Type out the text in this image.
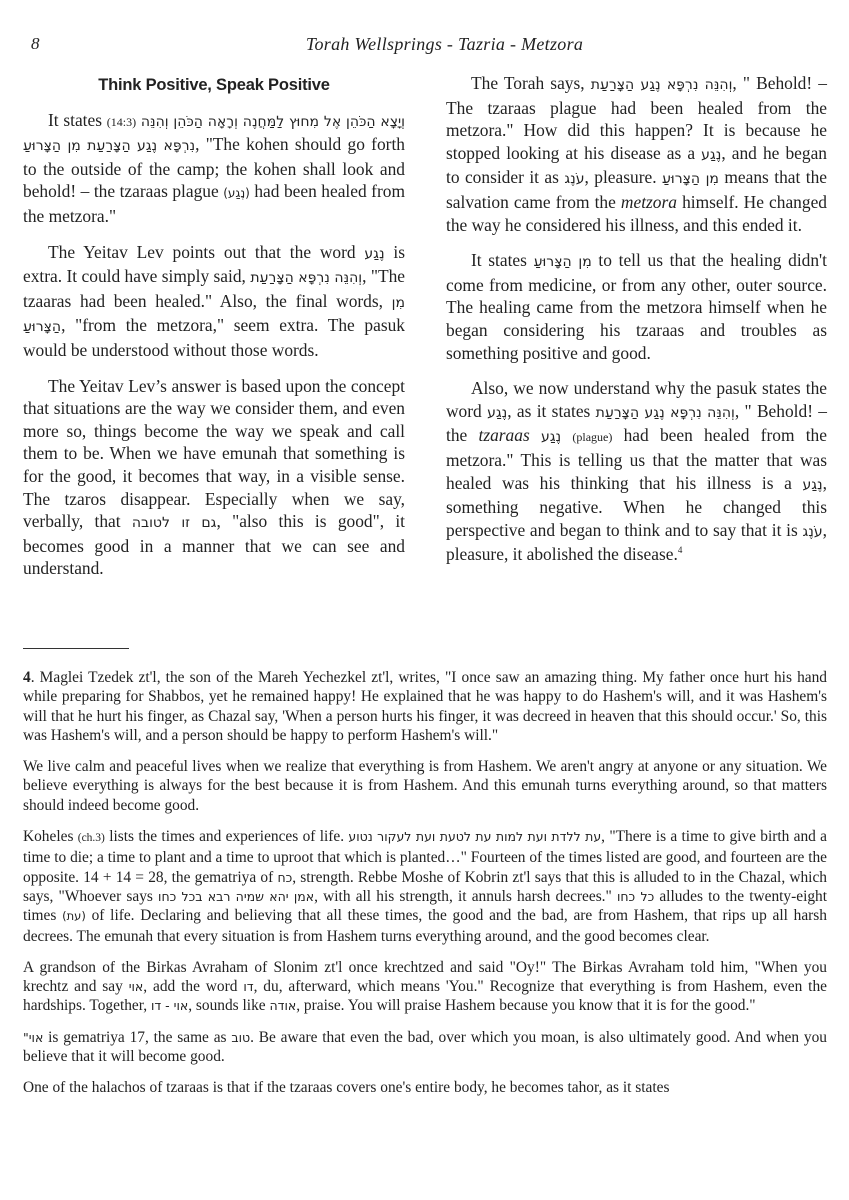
8	Torah Wellsprings - Tazria - Metzora
Think Positive, Speak Positive

It states (14:3) וְיָצָא הַכֹּהֵן אֶל מִחוּץ לַמַּחֲנֶה וְרָאָה הַכֹּהֵן וְהִנֵּה נִרְפָּא נֶגַע הַצָּרַעַת מִן הַצָּרוּעַ, "The kohen should go forth to the outside of the camp; the kohen shall look and behold! – the tzaraas plague (נֶגַע) had been healed from the metzora."

The Yeitav Lev points out that the word נֶגַע is extra. It could have simply said, וְהִנֵּה נִרְפָּא הַצָּרַעַת, "The tzaaras had been healed." Also, the final words, מִן הַצָּרוּעַ, "from the metzora," seem extra. The pasuk would be understood without those words.

The Yeitav Lev’s answer is based upon the concept that situations are the way we consider them, and even more so, things become the way we speak and call them to be. When we have emunah that something is for the good, it becomes that way, in a visible sense. The tzaros disappear. Especially when we say, verbally, that גם זו לטובה, "also this is good", it becomes good in a manner that we can see and understand.

The Torah says, וְהִנֵּה נִרְפָּא נֶגַע הַצָּרַעַת, " Behold! – The tzaraas plague had been healed from the metzora." How did this happen? It is because he stopped looking at his disease as a נֶגַע, and he began to consider it as עֹנֶג, pleasure. מִן הַצָּרוּעַ means that the salvation came from the metzora himself. He changed the way he considered his illness, and this ended it.

It states מִן הַצָּרוּעַ to tell us that the healing didn't come from medicine, or from any other, outer source. The healing came from the metzora himself when he began considering his tzaraas and troubles as something positive and good.

Also, we now understand why the pasuk states the word נֶגַע, as it states וְהִנֵּה נִרְפָּא נֶגַע הַצָּרַעַת, " Behold! – the tzaraas נֶגַע (plague) had been healed from the metzora." This is telling us that the matter that was healed was his thinking that his illness is a נֶגַע, something negative. When he changed this perspective and began to think and to say that it is עֹנֶג, pleasure, it abolished the disease.$^4$

4. Maglei Tzedek zt'l, the son of the Mareh Yechezkel zt'l, writes, "I once saw an amazing thing. My father once hurt his hand while preparing for Shabbos, yet he remained happy! He explained that he was happy to do Hashem's will, and it was Hashem's will that he hurt his finger, as Chazal say, 'When a person hurts his finger, it was decreed in heaven that this should occur.' So, this was Hashem's will, and a person should be happy to perform Hashem's will."

We live calm and peaceful lives when we realize that everything is from Hashem. We aren't angry at anyone or any situation. We believe everything is always for the best because it is from Hashem. And this emunah turns everything around, so that matters should indeed become good.

Koheles (ch.3) lists the times and experiences of life. עת ללדת ועת למות עת לטעת ועת לעקור נטוע, "There is a time to give birth and a time to die; a time to plant and a time to uproot that which is planted…" Fourteen of the times listed are good, and fourteen are the opposite. 14 + 14 = 28, the gematriya of כח, strength. Rebbe Moshe of Kobrin zt'l says that this is alluded to in the Chazal, which says, "Whoever says אמן יהא שמיה רבא בכל כחו, with all his strength, it annuls harsh decrees." כל כחו alludes to the twenty-eight times (עת) of life. Declaring and believing that all these times, the good and the bad, are from Hashem, that rips up all harsh decrees. The emunah that every situation is from Hashem turns everything around, and the good becomes clear.

A grandson of the Birkas Avraham of Slonim zt'l once krechtzed and said "Oy!" The Birkas Avraham told him, "When you krechtz and say אוי, add the word דו, du, afterward, which means 'You." Recognize that everything is from Hashem, even the hardships. Together, אוי - דו, sounds like אודה, praise. You will praise Hashem because you know that it is for the good."

אוי" is gematriya 17, the same as טוב. Be aware that even the bad, over which you moan, is also ultimately good. And when you believe that it will become good.

One of the halachos of tzaraas is that if the tzaraas covers one's entire body, he becomes tahor, as it states
